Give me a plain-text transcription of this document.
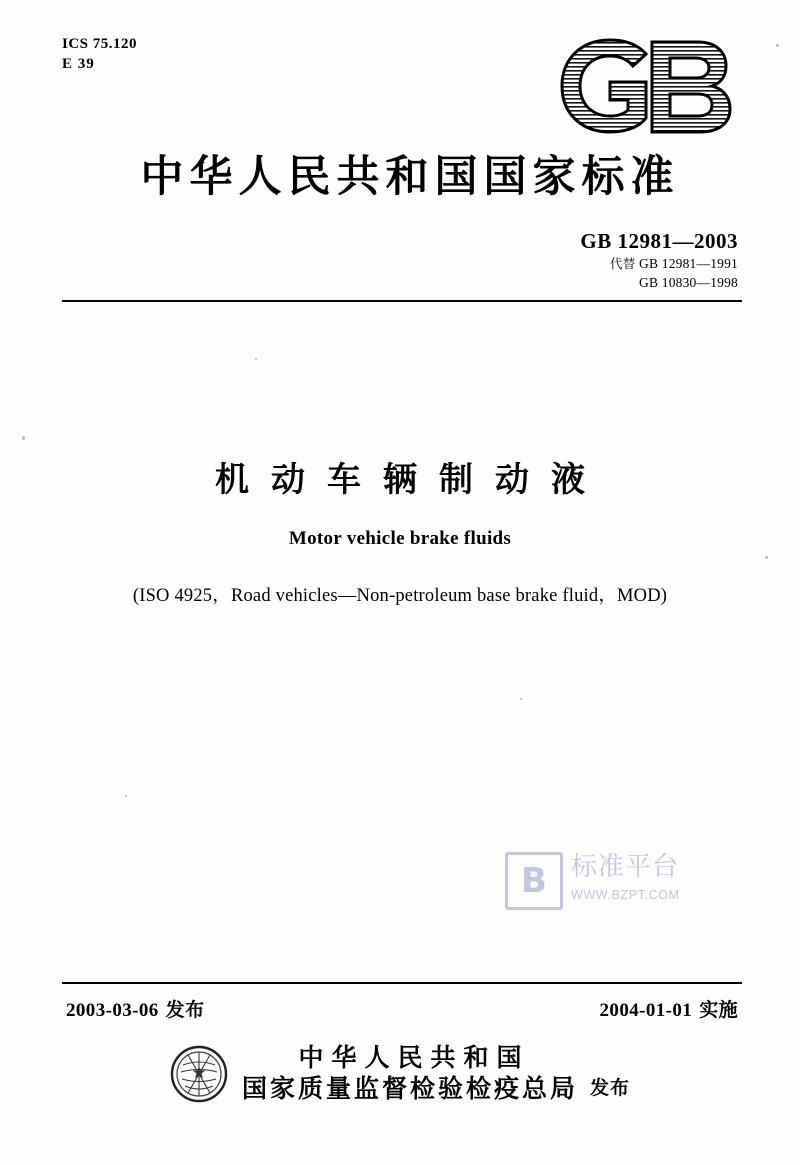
ICS 75.120
E 39
中华人民共和国国家标准
GB 12981—2003
代替 GB 12981—1991
GB 10830—1998
机动车辆制动液
Motor vehicle brake fluids
(ISO 4925，Road vehicles—Non-petroleum base brake fluid，MOD)
B 标准平台
WWW.BZPT.COM
2003-03-06 发布	2004-01-01 实施
中华人民共和国
国家质量监督检验检疫总局 发布
